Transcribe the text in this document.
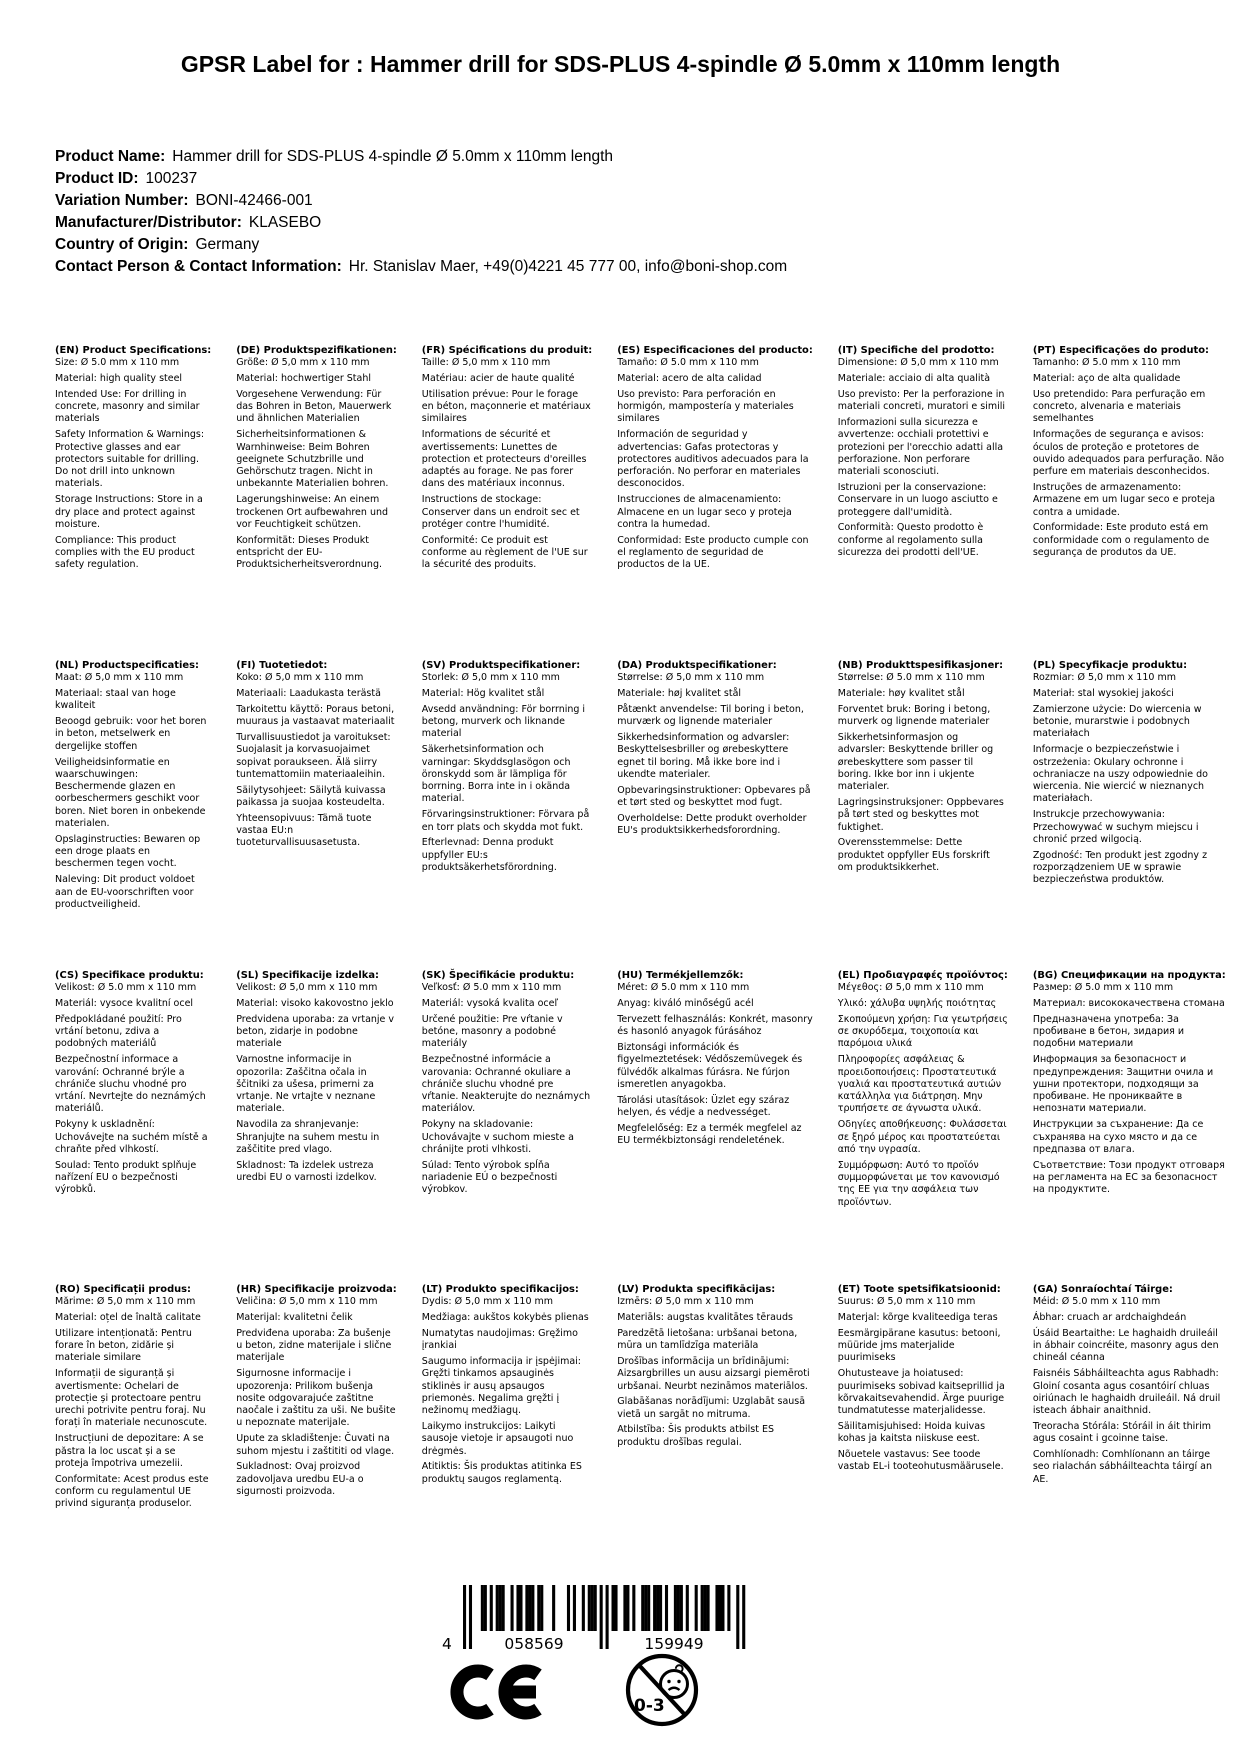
GPSR Label for : Hammer drill for SDS-PLUS 4-spindle Ø 5.0mm x 110mm length
Product Name: Hammer drill for SDS-PLUS 4-spindle Ø 5.0mm x 110mm length
Product ID: 100237
Variation Number: BONI-42466-001
Manufacturer/Distributor: KLASEBO
Country of Origin: Germany
Contact Person & Contact Information: Hr. Stanislav Maer, +49(0)4221 45 777 00, info@boni-shop.com
(EN) Product Specifications:

Size: Ø 5.0 mm x 110 mm

Material: high quality steel

Intended Use: For drilling in concrete, masonry and similar materials

Safety Information & Warnings: Protective glasses and ear protectors suitable for drilling. Do not drill into unknown materials.

Storage Instructions: Store in a dry place and protect against moisture.

Compliance: This product complies with the EU product safety regulation.

(DE) Produktspezifikationen:

Größe: Ø 5,0 mm x 110 mm

Material: hochwertiger Stahl

Vorgesehene Verwendung: Für das Bohren in Beton, Mauerwerk und ähnlichen Materialien

Sicherheitsinformationen & Warnhinweise: Beim Bohren geeignete Schutzbrille und Gehörschutz tragen. Nicht in unbekannte Materialien bohren.

Lagerungshinweise: An einem trockenen Ort aufbewahren und vor Feuchtigkeit schützen.

Konformität: Dieses Produkt entspricht der EU-Produktsicherheitsverordnung.

(FR) Spécifications du produit:

Taille: Ø 5,0 mm x 110 mm

Matériau: acier de haute qualité

Utilisation prévue: Pour le forage en béton, maçonnerie et matériaux similaires

Informations de sécurité et avertissements: Lunettes de protection et protecteurs d'oreilles adaptés au forage. Ne pas forer dans des matériaux inconnus.

Instructions de stockage: Conserver dans un endroit sec et protéger contre l'humidité.

Conformité: Ce produit est conforme au règlement de l'UE sur la sécurité des produits.

(ES) Especificaciones del producto:

Tamaño: Ø 5.0 mm x 110 mm

Material: acero de alta calidad

Uso previsto: Para perforación en hormigón, mampostería y materiales similares

Información de seguridad y advertencias: Gafas protectoras y protectores auditivos adecuados para la perforación. No perforar en materiales desconocidos.

Instrucciones de almacenamiento: Almacene en un lugar seco y proteja contra la humedad.

Conformidad: Este producto cumple con el reglamento de seguridad de productos de la UE.

(IT) Specifiche del prodotto:

Dimensione: Ø 5,0 mm x 110 mm

Materiale: acciaio di alta qualità

Uso previsto: Per la perforazione in materiali concreti, muratori e simili

Informazioni sulla sicurezza e avvertenze: occhiali protettivi e protezioni per l'orecchio adatti alla perforazione. Non perforare materiali sconosciuti.

Istruzioni per la conservazione: Conservare in un luogo asciutto e proteggere dall'umidità.

Conformità: Questo prodotto è conforme al regolamento sulla sicurezza dei prodotti dell'UE.

(PT) Especificações do produto:

Tamanho: Ø 5.0 mm x 110 mm

Material: aço de alta qualidade

Uso pretendido: Para perfuração em concreto, alvenaria e materiais semelhantes

Informações de segurança e avisos: óculos de proteção e protetores de ouvido adequados para perfuração. Não perfure em materiais desconhecidos.

Instruções de armazenamento: Armazene em um lugar seco e proteja contra a umidade.

Conformidade: Este produto está em conformidade com o regulamento de segurança de produtos da UE.

(NL) Productspecificaties:

Maat: Ø 5,0 mm x 110 mm

Materiaal: staal van hoge kwaliteit

Beoogd gebruik: voor het boren in beton, metselwerk en dergelijke stoffen

Veiligheidsinformatie en waarschuwingen: Beschermende glazen en oorbeschermers geschikt voor boren. Niet boren in onbekende materialen.

Opslaginstructies: Bewaren op een droge plaats en beschermen tegen vocht.

Naleving: Dit product voldoet aan de EU-voorschriften voor productveiligheid.

(FI) Tuotetiedot:

Koko: Ø 5,0 mm x 110 mm

Materiaali: Laadukasta terästä

Tarkoitettu käyttö: Poraus betoni, muuraus ja vastaavat materiaalit

Turvallisuustiedot ja varoitukset: Suojalasit ja korvasuojaimet sopivat poraukseen. Älä siirry tuntemattomiin materiaaleihin.

Säilytysohjeet: Säilytä kuivassa paikassa ja suojaa kosteudelta.

Yhteensopivuus: Tämä tuote vastaa EU:n tuoteturvallisuusasetusta.

(SV) Produktspecifikationer:

Storlek: Ø 5,0 mm x 110 mm

Material: Hög kvalitet stål

Avsedd användning: För borrning i betong, murverk och liknande material

Säkerhetsinformation och varningar: Skyddsglasögon och öronskydd som är lämpliga för borrning. Borra inte in i okända material.

Förvaringsinstruktioner: Förvara på en torr plats och skydda mot fukt.

Efterlevnad: Denna produkt uppfyller EU:s produktsäkerhetsförordning.

(DA) Produktspecifikationer:

Størrelse: Ø 5,0 mm x 110 mm

Materiale: høj kvalitet stål

Påtænkt anvendelse: Til boring i beton, murværk og lignende materialer

Sikkerhedsinformation og advarsler: Beskyttelsesbriller og ørebeskyttere egnet til boring. Må ikke bore ind i ukendte materialer.

Opbevaringsinstruktioner: Opbevares på et tørt sted og beskyttet mod fugt.

Overholdelse: Dette produkt overholder EU's produktsikkerhedsforordning.

(NB) Produkttspesifikasjoner:

Størrelse: Ø 5.0 mm x 110 mm

Materiale: høy kvalitet stål

Forventet bruk: Boring i betong, murverk og lignende materialer

Sikkerhetsinformasjon og advarsler: Beskyttende briller og ørebeskyttere som passer til boring. Ikke bor inn i ukjente materialer.

Lagringsinstruksjoner: Oppbevares på tørt sted og beskyttes mot fuktighet.

Overensstemmelse: Dette produktet oppfyller EUs forskrift om produktsikkerhet.

(PL) Specyfikacje produktu:

Rozmiar: Ø 5,0 mm x 110 mm

Materiał: stal wysokiej jakości

Zamierzone użycie: Do wiercenia w betonie, murarstwie i podobnych materiałach

Informacje o bezpieczeństwie i ostrzeżenia: Okulary ochronne i ochraniacze na uszy odpowiednie do wiercenia. Nie wiercić w nieznanych materiałach.

Instrukcje przechowywania: Przechowywać w suchym miejscu i chronić przed wilgocią.

Zgodność: Ten produkt jest zgodny z rozporządzeniem UE w sprawie bezpieczeństwa produktów.

(CS) Specifikace produktu:

Velikost: Ø 5.0 mm x 110 mm

Materiál: vysoce kvalitní ocel

Předpokládané použití: Pro vrtání betonu, zdiva a podobných materiálů

Bezpečnostní informace a varování: Ochranné brýle a chrániče sluchu vhodné pro vrtání. Nevrtejte do neznámých materiálů.

Pokyny k uskladnění: Uchovávejte na suchém místě a chraňte před vlhkostí.

Soulad: Tento produkt splňuje nařízení EU o bezpečnosti výrobků.

(SL) Specifikacije izdelka:

Velikost: Ø 5,0 mm x 110 mm

Material: visoko kakovostno jeklo

Predvidena uporaba: za vrtanje v beton, zidarje in podobne materiale

Varnostne informacije in opozorila: Zaščitna očala in ščitniki za ušesa, primerni za vrtanje. Ne vrtajte v neznane materiale.

Navodila za shranjevanje: Shranjujte na suhem mestu in zaščitite pred vlago.

Skladnost: Ta izdelek ustreza uredbi EU o varnosti izdelkov.

(SK) Špecifikácie produktu:

Veľkosť: Ø 5.0 mm x 110 mm

Materiál: vysoká kvalita oceľ

Určené použitie: Pre vŕtanie v betóne, masonry a podobné materiály

Bezpečnostné informácie a varovania: Ochranné okuliare a chrániče sluchu vhodné pre vŕtanie. Neakterujte do neznámych materiálov.

Pokyny na skladovanie: Uchovávajte v suchom mieste a chránijte proti vlhkosti.

Súlad: Tento výrobok spĺňa nariadenie EÚ o bezpečnosti výrobkov.

(HU) Termékjellemzők:

Méret: Ø 5.0 mm x 110 mm

Anyag: kiváló minőségű acél

Tervezett felhasználás: Konkrét, masonry és hasonló anyagok fúrásához

Biztonsági információk és figyelmeztetések: Védőszemüvegek és fülvédők alkalmas fúrásra. Ne fúrjon ismeretlen anyagokba.

Tárolási utasítások: Üzlet egy száraz helyen, és védje a nedvességet.

Megfelelőség: Ez a termék megfelel az EU termékbiztonsági rendeletének.

(EL) Προδιαγραφές προϊόντος:

Μέγεθος: Ø 5,0 mm x 110 mm

Υλικό: χάλυβα υψηλής ποιότητας

Σκοπούμενη χρήση: Για γεωτρήσεις σε σκυρόδεμα, τοιχοποιία και παρόμοια υλικά

Πληροφορίες ασφάλειας & προειδοποιήσεις: Προστατευτικά γυαλιά και προστατευτικά αυτιών κατάλληλα για διάτρηση. Μην τρυπήσετε σε άγνωστα υλικά.

Οδηγίες αποθήκευσης: Φυλάσσεται σε ξηρό μέρος και προστατεύεται από την υγρασία.

Συμμόρφωση: Αυτό το προϊόν συμμορφώνεται με τον κανονισμό της ΕΕ για την ασφάλεια των προϊόντων.

(BG) Спецификации на продукта:

Размер: Ø 5.0 mm x 110 mm

Материал: висококачествена стомана

Предназначена употреба: За пробиване в бетон, зидария и подобни материали

Информация за безопасност и предупреждения: Защитни очила и ушни протектори, подходящи за пробиване. Не прониквайте в непознати материали.

Инструкции за съхранение: Да се съхранява на сухо място и да се предпазва от влага.

Съответствие: Този продукт отговаря на регламента на ЕС за безопасност на продуктите.

(RO) Specificații produs:

Mărime: Ø 5,0 mm x 110 mm

Material: oțel de înaltă calitate

Utilizare intenționată: Pentru forare în beton, zidărie și materiale similare

Informații de siguranță și avertismente: Ochelari de protecție și protectoare pentru urechi potrivite pentru foraj. Nu forați în materiale necunoscute.

Instrucțiuni de depozitare: A se păstra la loc uscat și a se proteja împotriva umezelii.

Conformitate: Acest produs este conform cu regulamentul UE privind siguranța produselor.

(HR) Specifikacije proizvoda:

Veličina: Ø 5,0 mm x 110 mm

Materijal: kvalitetni čelik

Predviđena uporaba: Za bušenje u beton, zidne materijale i slične materijale

Sigurnosne informacije i upozorenja: Prilikom bušenja nosite odgovarajuće zaštitne naočale i zaštitu za uši. Ne bušite u nepoznate materijale.

Upute za skladištenje: Čuvati na suhom mjestu i zaštititi od vlage.

Sukladnost: Ovaj proizvod zadovoljava uredbu EU-a o sigurnosti proizvoda.

(LT) Produkto specifikacijos:

Dydis: Ø 5,0 mm x 110 mm

Medžiaga: aukštos kokybės plienas

Numatytas naudojimas: Gręžimo įrankiai

Saugumo informacija ir įspėjimai: Gręžti tinkamos apsauginės stiklinės ir ausų apsaugos priemonės. Negalima gręžti į nežinomų medžiagų.

Laikymo instrukcijos: Laikyti sausoje vietoje ir apsaugoti nuo drėgmės.

Atitiktis: Šis produktas atitinka ES produktų saugos reglamentą.

(LV) Produkta specifikācijas:

Izmērs: Ø 5,0 mm x 110 mm

Materiāls: augstas kvalitātes tērauds

Paredzētā lietošana: urbšanai betona, mūra un tamlīdzīga materiāla

Drošības informācija un brīdinājumi: Aizsargbrilles un ausu aizsargi piemēroti urbšanai. Neurbt nezināmos materiālos.

Glabāšanas norādījumi: Uzglabāt sausā vietā un sargāt no mitruma.

Atbilstība: Šis produkts atbilst ES produktu drošības regulai.

(ET) Toote spetsifikatsioonid:

Suurus: Ø 5,0 mm x 110 mm

Materjal: kõrge kvaliteediga teras

Eesmärgipärane kasutus: betooni, müüride jms materjalide puurimiseks

Ohutusteave ja hoiatused: puurimiseks sobivad kaitseprillid ja kõrvakaitsevahendid. Ärge puurige tundmatutesse materjalidesse.

Säilitamisjuhised: Hoida kuivas kohas ja kaitsta niiskuse eest.

Nõuetele vastavus: See toode vastab EL-i tooteohutusmäärusele.

(GA) Sonraíochtaí Táirge:

Méid: Ø 5.0 mm x 110 mm

Ábhar: cruach ar ardchaighdeán

Úsáid Beartaithe: Le haghaidh druileáil in ábhair coincréite, masonry agus den chineál céanna

Faisnéis Sábháilteachta agus Rabhadh: Gloiní cosanta agus cosantóirí chluas oiriúnach le haghaidh druileáil. Ná druil isteach ábhair anaithnid.

Treoracha Stórála: Stóráil in áit thirim agus cosaint i gcoinne taise.

Comhlíonadh: Comhlíonann an táirge seo rialachán sábháilteachta táirgí an AE.

4	058569	159949
0-3
